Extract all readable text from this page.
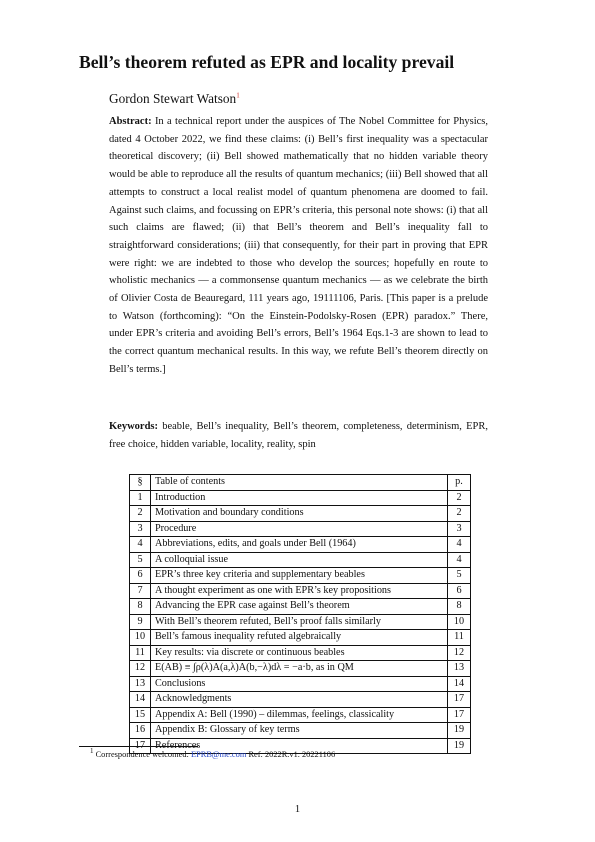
Bell’s theorem refuted as EPR and locality prevail
Gordon Stewart Watson$^1$
Abstract: In a technical report under the auspices of The Nobel Committee for Physics, dated 4 October 2022, we find these claims: (i) Bell’s first inequality was a spectacular theoretical discovery; (ii) Bell showed mathematically that no hidden variable theory would be able to reproduce all the results of quantum mechanics; (iii) Bell showed that all attempts to construct a local realist model of quantum phenomena are doomed to fail. Against such claims, and focussing on EPR’s criteria, this personal note shows: (i) that all such claims are flawed; (ii) that Bell’s theorem and Bell’s inequality fall to straightforward considerations; (iii) that consequently, for their part in proving that EPR were right: we are indebted to those who develop the sources; hopefully en route to wholistic mechanics — a commonsense quantum mechanics — as we celebrate the birth of Olivier Costa de Beauregard, 111 years ago, 19111106, Paris. [This paper is a prelude to Watson (forthcoming): “On the Einstein-Podolsky-Rosen (EPR) paradox.” There, under EPR’s criteria and avoiding Bell’s errors, Bell’s 1964 Eqs.1-3 are shown to lead to the correct quantum mechanical results. In this way, we refute Bell’s theorem directly on Bell’s terms.]
Keywords: beable, Bell’s inequality, Bell’s theorem, completeness, determinism, EPR, free choice, hidden variable, locality, reality, spin
§	Table of contents	p.
1	Introduction	2
2	Motivation and boundary conditions	2
3	Procedure	3
4	Abbreviations, edits, and goals under Bell (1964)	4
5	A colloquial issue	4
6	EPR’s three key criteria and supplementary beables	5
7	A thought experiment as one with EPR’s key propositions	6
8	Advancing the EPR case against Bell’s theorem	8
9	With Bell’s theorem refuted, Bell’s proof falls similarly	10
10	Bell’s famous inequality refuted algebraically	11
11	Key results: via discrete or continuous beables	12
12	E(AB) ≡ ∫ρ(λ)A(a,λ)A(b,−λ)dλ = −a·b, as in QM	13
13	Conclusions	14
14	Acknowledgments	17
15	Appendix A: Bell (1990) – dilemmas, feelings, classicality	17
16	Appendix B: Glossary of key terms	19
17	References	19
$^1$ Correspondence welcomed: EPRB@me.com Ref: 2022R.v1. 20221106
1
